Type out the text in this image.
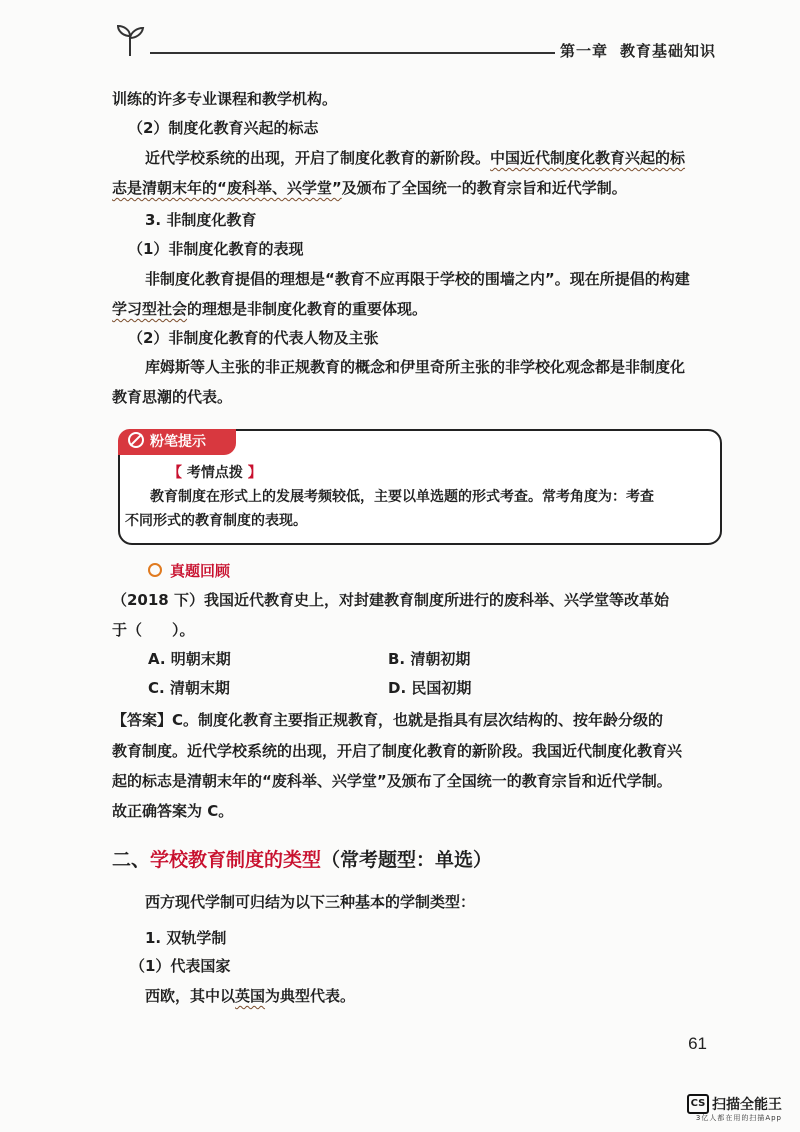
第一章 教育基础知识
训练的许多专业课程和教学机构。
（2）制度化教育兴起的标志
近代学校系统的出现，开启了制度化教育的新阶段。中国近代制度化教育兴起的标
志是清朝末年的“废科举、兴学堂”及颁布了全国统一的教育宗旨和近代学制。
3. 非制度化教育
（1）非制度化教育的表现
非制度化教育提倡的理想是“教育不应再限于学校的围墙之内”。现在所提倡的构建
学习型社会的理想是非制度化教育的重要体现。
（2）非制度化教育的代表人物及主张
库姆斯等人主张的非正规教育的概念和伊里奇所主张的非学校化观念都是非制度化
教育思潮的代表。
粉笔提示
【 考情点拨 】
教育制度在形式上的发展考频较低，主要以单选题的形式考查。常考角度为：考查
不同形式的教育制度的表现。
真题回顾
（2018 下）我国近代教育史上，对封建教育制度所进行的废科举、兴学堂等改革始
于（　　）。
A. 明朝末期	B. 清朝初期
C. 清朝末期	D. 民国初期
【答案】C。制度化教育主要指正规教育，也就是指具有层次结构的、按年龄分级的
教育制度。近代学校系统的出现，开启了制度化教育的新阶段。我国近代制度化教育兴
起的标志是清朝末年的“废科举、兴学堂”及颁布了全国统一的教育宗旨和近代学制。
故正确答案为 C。
二、学校教育制度的类型（常考题型：单选）
西方现代学制可归结为以下三种基本的学制类型：
1. 双轨学制
（1）代表国家
西欧，其中以英国为典型代表。
61
CS 扫描全能王
3亿人都在用的扫描App
